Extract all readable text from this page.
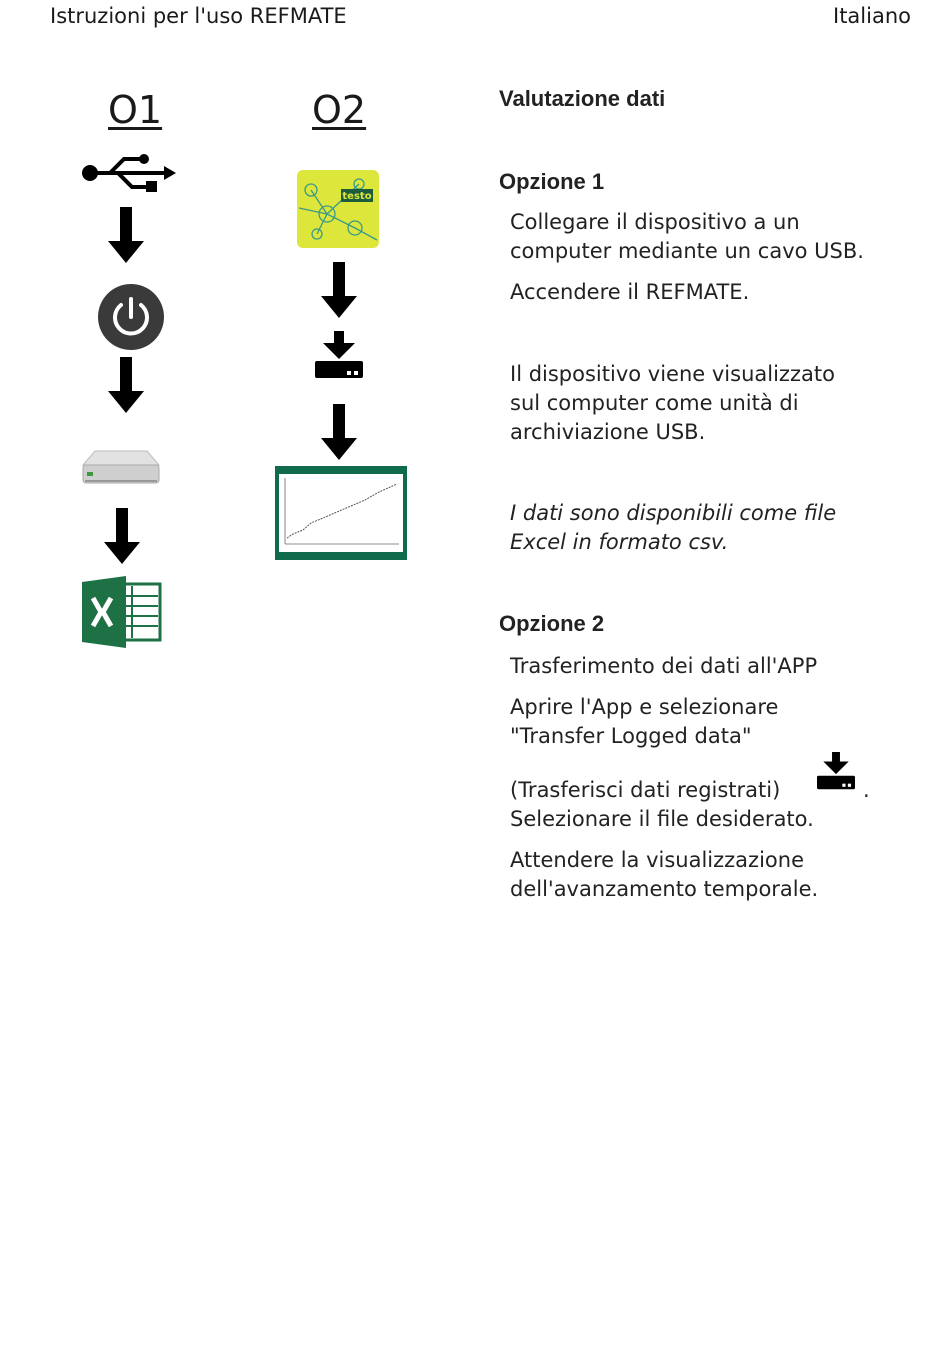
Istruzioni per l'uso REFMATE	Italiano
O1	O2
testo
Valutazione dati
Opzione 1
Collegare il dispositivo a un
computer mediante un cavo USB.
Accendere il REFMATE.
Il dispositivo viene visualizzato
sul computer come unità di
archiviazione USB.
I dati sono disponibili come file
Excel in formato csv.
Opzione 2
Trasferimento dei dati all'APP
Aprire l'App e selezionare
"Transfer Logged data"
(Trasferisci dati registrati)	.
Selezionare il file desiderato.
Attendere la visualizzazione
dell'avanzamento temporale.
